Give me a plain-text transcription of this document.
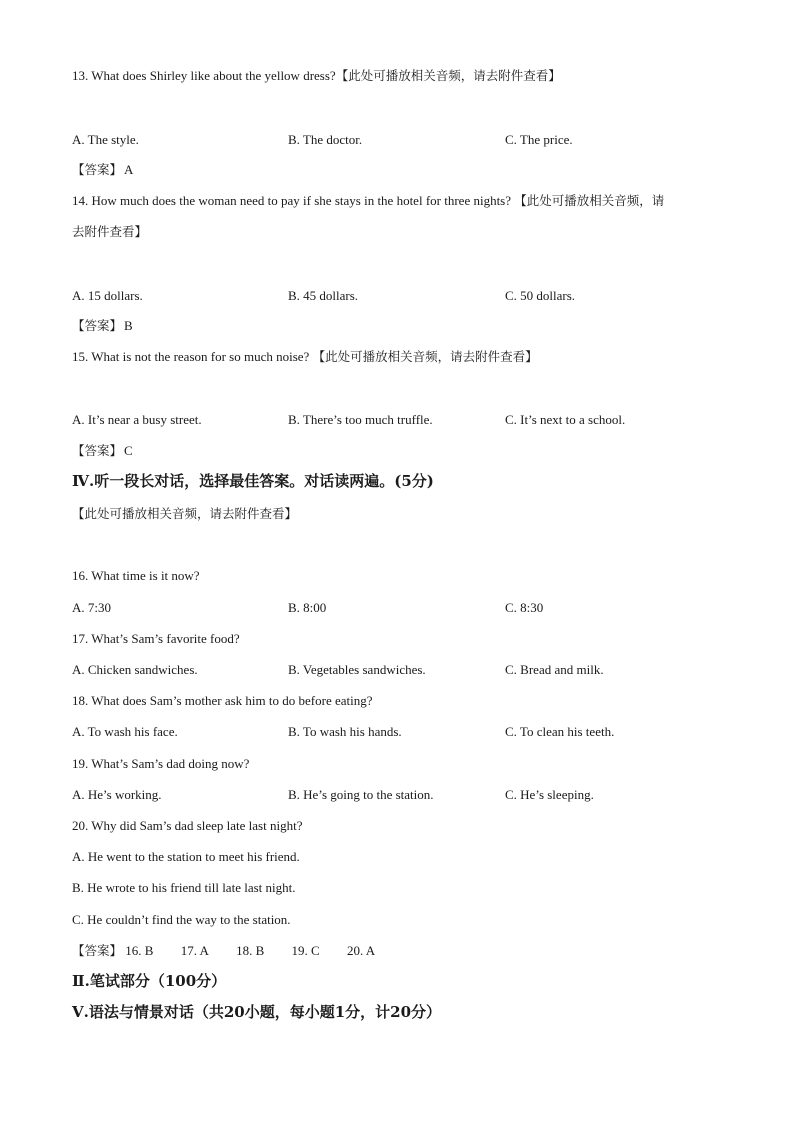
13. What does Shirley like about the yellow dress?【此处可播放相关音频，请去附件查看】
A. The style.	B. The doctor.	C. The price.
【答案】 A
14. How much does the woman need to pay if she stays in the hotel for three nights? 【此处可播放相关音频，请
去附件查看】
A. 15 dollars.	B. 45 dollars.	C. 50 dollars.
【答案】 B
15. What is not the reason for so much noise? 【此处可播放相关音频，请去附件查看】
A. It’s near a busy street.	B. There’s too much truffle.	C. It’s next to a school.
【答案】 C
Ⅳ.听一段长对话，选择最佳答案。对话读两遍。(5分)
【此处可播放相关音频，请去附件查看】
16. What time is it now?
A. 7:30	B. 8:00	C. 8:30
17. What’s Sam’s favorite food?
A. Chicken sandwiches.	B. Vegetables sandwiches.	C. Bread and milk.
18. What does Sam’s mother ask him to do before eating?
A. To wash his face.	B. To wash his hands.	C. To clean his teeth.
19. What’s Sam’s dad doing now?
A. He’s working.	B. He’s going to the station.	C. He’s sleeping.
20. Why did Sam’s dad sleep late last night?
A. He went to the station to meet his friend.
B. He wrote to his friend till late last night.
C. He couldn’t find the way to the station.
【答案】 16. B 17. A 18. B 19. C 20. A
Ⅱ.笔试部分（100分）
Ⅴ.语法与情景对话（共20小题，每小题1分，计20分）
